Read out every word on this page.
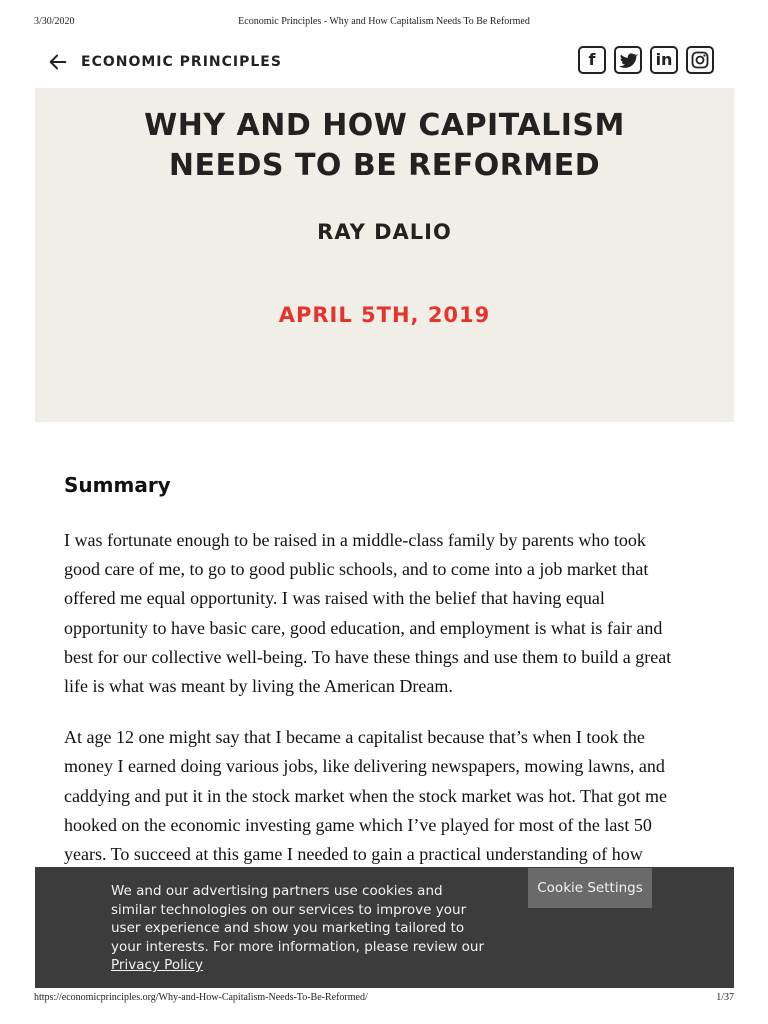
3/30/2020	Economic Principles - Why and How Capitalism Needs To Be Reformed
ECONOMIC PRINCIPLES	f	in
WHY AND HOW CAPITALISM
NEEDS TO BE REFORMED
RAY DALIO
APRIL 5TH, 2019
Summary

I was fortunate enough to be raised in a middle-class family by parents who took
good care of me, to go to good public schools, and to come into a job market that
offered me equal opportunity. I was raised with the belief that having equal
opportunity to have basic care, good education, and employment is what is fair and
best for our collective well-being. To have these things and use them to build a great
life is what was meant by living the American Dream.

At age 12 one might say that I became a capitalist because that’s when I took the
money I earned doing various jobs, like delivering newspapers, mowing lawns, and
caddying and put it in the stock market when the stock market was hot. That got me
hooked on the economic investing game which I’ve played for most of the last 50
years. To succeed at this game I needed to gain a practical understanding of how

We and our advertising partners use cookies and similar technologies on our services to improve your user experience and show you marketing tailored to your interests. For more information, please review our Privacy Policy
Cookie Settings
https://economicprinciples.org/Why-and-How-Capitalism-Needs-To-Be-Reformed/	1/37
